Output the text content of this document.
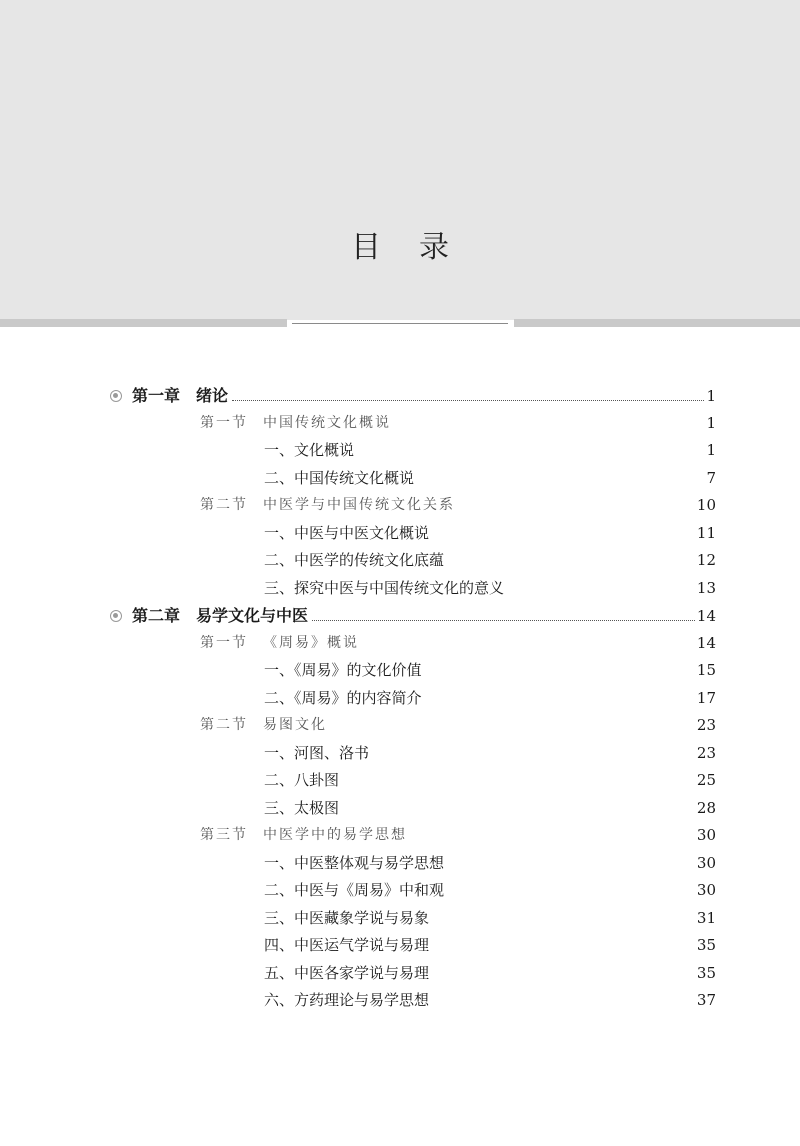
目录
第一章 绪论	1
第一节	中国传统文化概说	1
一、文化概说	1
二、中国传统文化概说	7
第二节	中医学与中国传统文化关系	10
一、中医与中医文化概说	11
二、中医学的传统文化底蕴	12
三、探究中医与中国传统文化的意义	13
第二章 易学文化与中医	14
第一节	《周易》概说	14
一、《周易》的文化价值	15
二、《周易》的内容简介	17
第二节	易图文化	23
一、河图、洛书	23
二、八卦图	25
三、太极图	28
第三节	中医学中的易学思想	30
一、中医整体观与易学思想	30
二、中医与《周易》中和观	30
三、中医藏象学说与易象	31
四、中医运气学说与易理	35
五、中医各家学说与易理	35
六、方药理论与易学思想	37
